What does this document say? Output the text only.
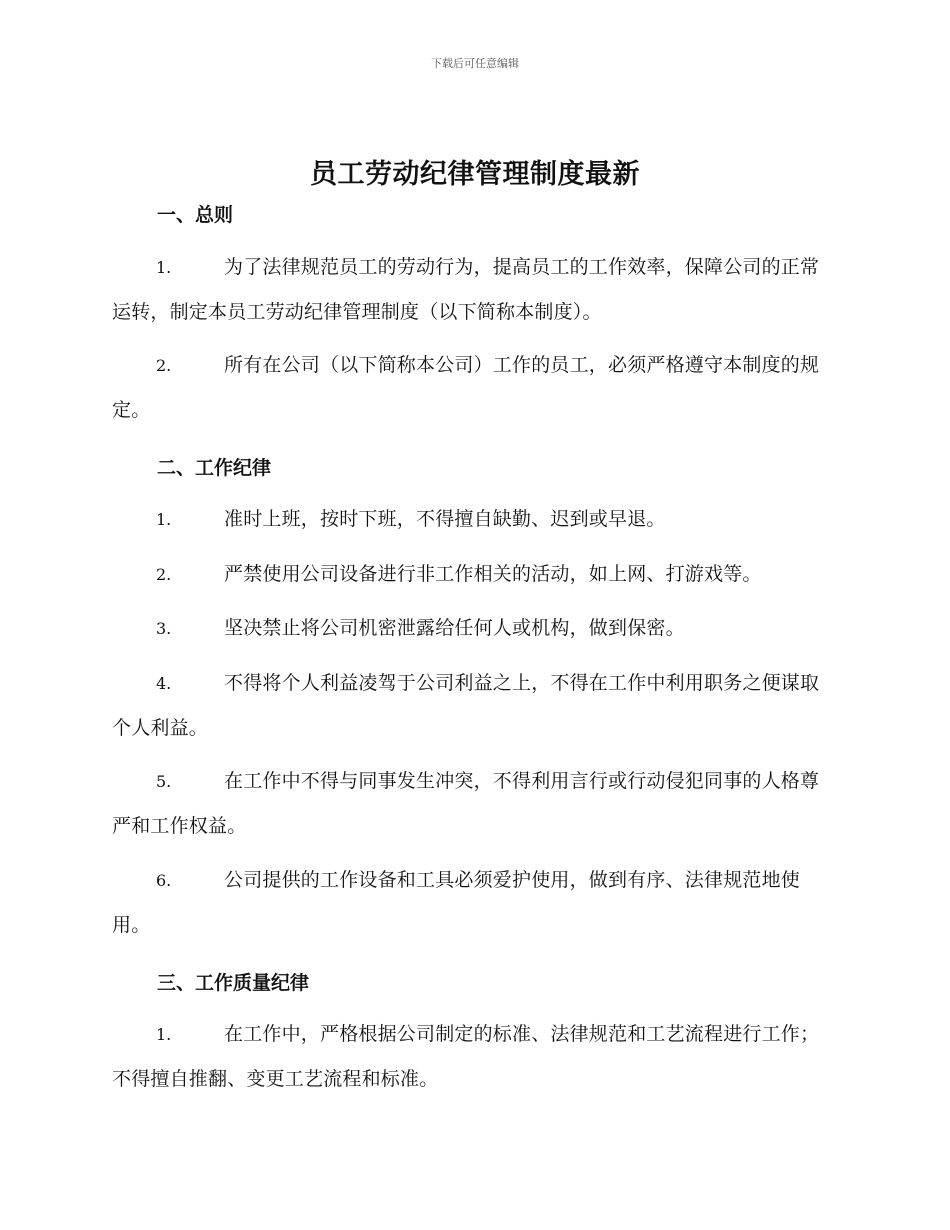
下载后可任意编辑
员工劳动纪律管理制度最新
一、总则
1.	为了法律规范员工的劳动行为，提高员工的工作效率，保障公司的正常运转，制定本员工劳动纪律管理制度（以下简称本制度）。
2.	所有在公司（以下简称本公司）工作的员工，必须严格遵守本制度的规定。
二、工作纪律
1.	准时上班，按时下班，不得擅自缺勤、迟到或早退。
2.	严禁使用公司设备进行非工作相关的活动，如上网、打游戏等。
3.	坚决禁止将公司机密泄露给任何人或机构，做到保密。
4.	不得将个人利益凌驾于公司利益之上，不得在工作中利用职务之便谋取个人利益。
5.	在工作中不得与同事发生冲突，不得利用言行或行动侵犯同事的人格尊严和工作权益。
6.	公司提供的工作设备和工具必须爱护使用，做到有序、法律规范地使用。
三、工作质量纪律
1.	在工作中，严格根据公司制定的标准、法律规范和工艺流程进行工作；不得擅自推翻、变更工艺流程和标准。
